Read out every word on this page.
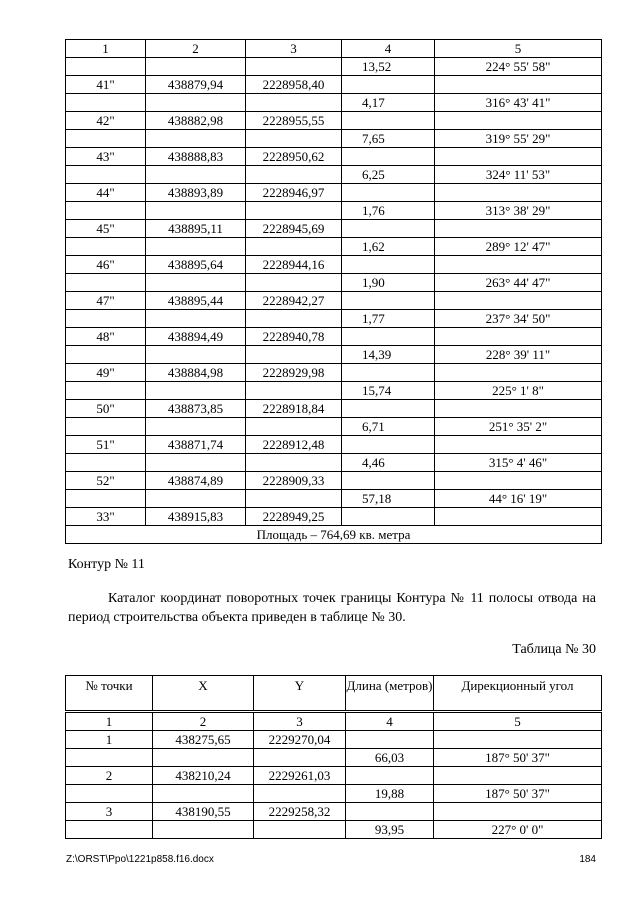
1	2	3	4	5
			13,52	224° 55' 58"
41"	438879,94	2228958,40		
			4,17	316° 43' 41"
42"	438882,98	2228955,55		
			7,65	319° 55' 29"
43"	438888,83	2228950,62		
			6,25	324° 11' 53"
44"	438893,89	2228946,97		
			1,76	313° 38' 29"
45"	438895,11	2228945,69		
			1,62	289° 12' 47"
46"	438895,64	2228944,16		
			1,90	263° 44' 47"
47"	438895,44	2228942,27		
			1,77	237° 34' 50"
48"	438894,49	2228940,78		
			14,39	228° 39' 11"
49"	438884,98	2228929,98		
			15,74	225° 1' 8"
50"	438873,85	2228918,84		
			6,71	251° 35' 2"
51"	438871,74	2228912,48		
			4,46	315° 4' 46"
52"	438874,89	2228909,33		
			57,18	44° 16' 19"
33"	438915,83	2228949,25		
Площадь – 764,69 кв. метра				
Контур № 11
Каталог координат поворотных точек границы Контура № 11 полосы отвода на период строительства объекта приведен в таблице № 30.
Таблица № 30
№ точки	X	Y	Длина (метров)	Дирекционный угол
1	2	3	4	5
1	438275,65	2229270,04		
			66,03	187° 50' 37"
2	438210,24	2229261,03		
			19,88	187° 50' 37"
3	438190,55	2229258,32		
			93,95	227° 0' 0"
Z:\ORST\Ppo\1221p858.f16.docx	184
